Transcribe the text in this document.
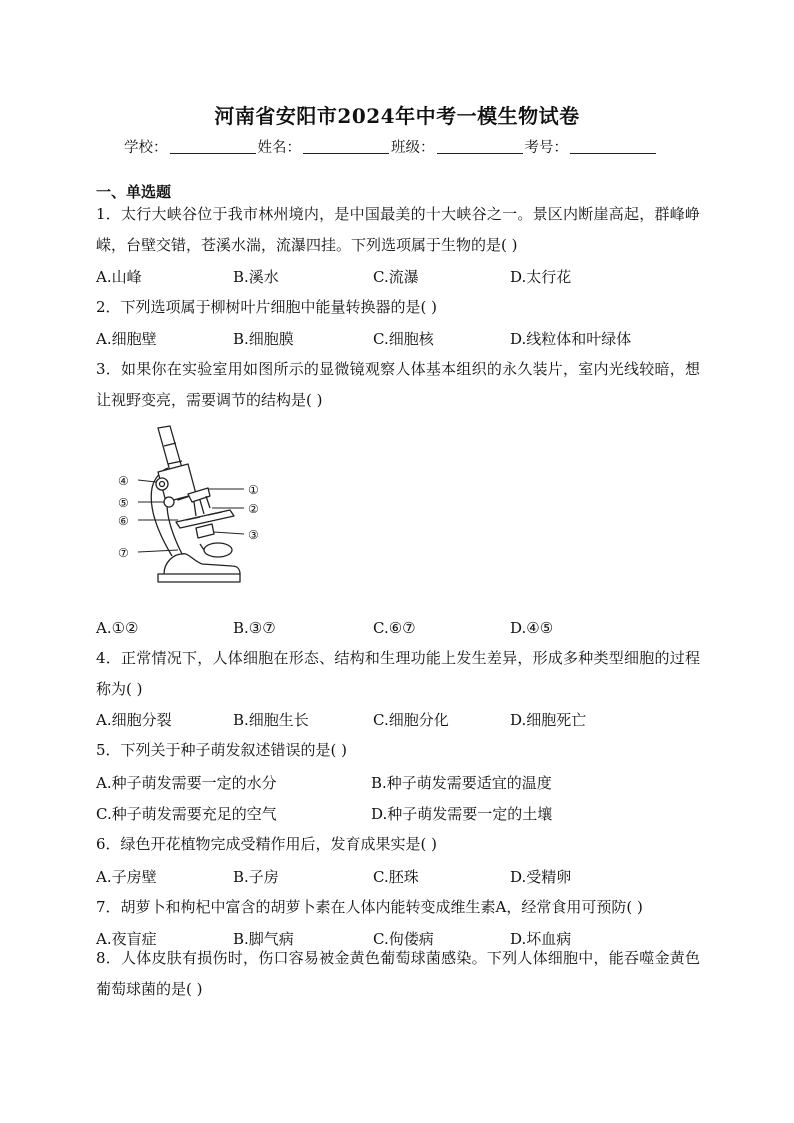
河南省安阳市2024年中考一模生物试卷
学校：	姓名：	班级：	考号：
一、单选题
1．太行大峡谷位于我市林州境内，是中国最美的十大峡谷之一。景区内断崖高起，群峰峥嵘，台壁交错，苍溪水湍，流瀑四挂。下列选项属于生物的是( )
A.山峰	B.溪水	C.流瀑	D.太行花
2．下列选项属于柳树叶片细胞中能量转换器的是( )
A.细胞壁	B.细胞膜	C.细胞核	D.线粒体和叶绿体
3．如果你在实验室用如图所示的显微镜观察人体基本组织的永久装片，室内光线较暗，想让视野变亮，需要调节的结构是( )
④
⑤
⑥
⑦
①
②
③
A.①②	B.③⑦	C.⑥⑦	D.④⑤
4．正常情况下，人体细胞在形态、结构和生理功能上发生差异，形成多种类型细胞的过程称为( )
A.细胞分裂	B.细胞生长	C.细胞分化	D.细胞死亡
5．下列关于种子萌发叙述错误的是( )
A.种子萌发需要一定的水分	B.种子萌发需要适宜的温度
C.种子萌发需要充足的空气	D.种子萌发需要一定的土壤
6．绿色开花植物完成受精作用后，发育成果实是( )
A.子房壁	B.子房	C.胚珠	D.受精卵
7．胡萝卜和枸杞中富含的胡萝卜素在人体内能转变成维生素A，经常食用可预防( )
A.夜盲症	B.脚气病	C.佝偻病	D.坏血病
8．人体皮肤有损伤时，伤口容易被金黄色葡萄球菌感染。下列人体细胞中，能吞噬金黄色葡萄球菌的是( )
